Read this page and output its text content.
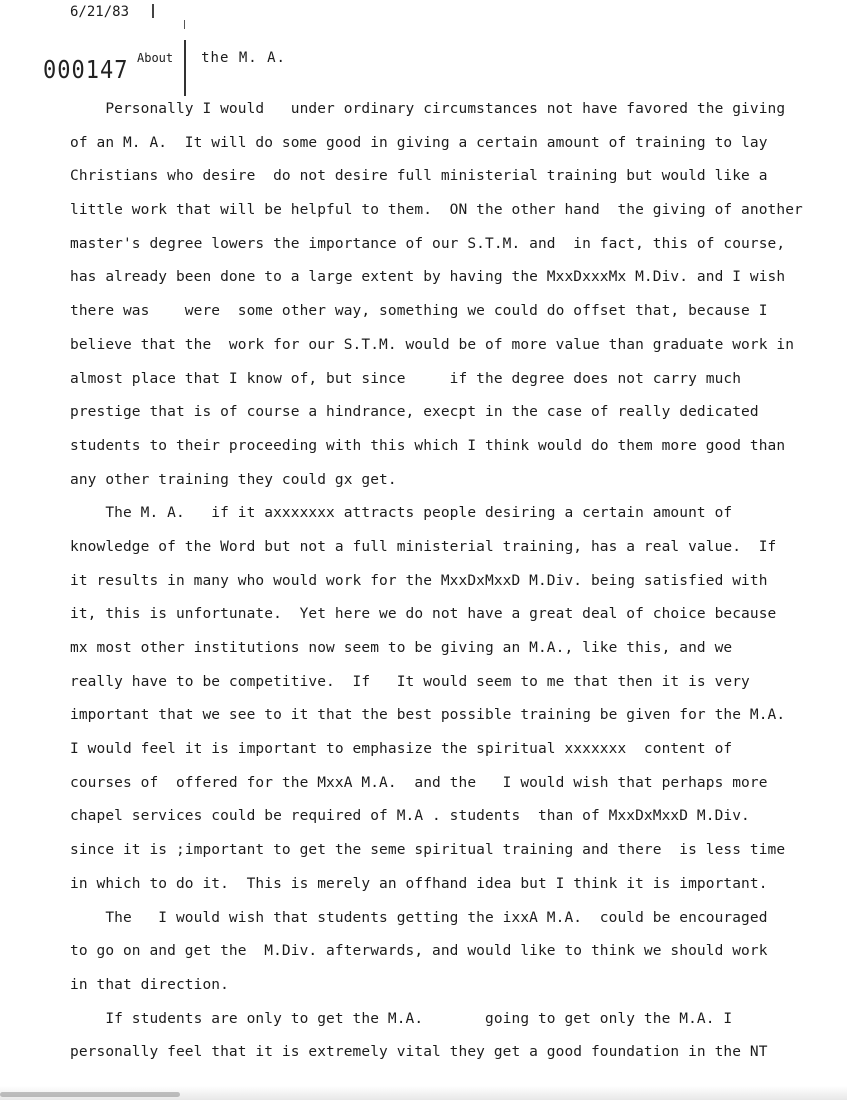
6/21/83
000147 About the M. A.
Personally I would   under ordinary circumstances not have favored the giving
of an M. A.  It will do some good in giving a certain amount of training to lay
Christians who desire  do not desire full ministerial training but would like a
little work that will be helpful to them.  ON the other hand  the giving of another
master's degree lowers the importance of our S.T.M. and  in fact, this of course,
has already been done to a large extent by having the MxxDxxxMx M.Div. and I wish
there was    were  some other way, something we could do offset that, because I
believe that the  work for our S.T.M. would be of more value than graduate work in
almost place that I know of, but since     if the degree does not carry much
prestige that is of course a hindrance, execpt in the case of really dedicated
students to their proceeding with this which I think would do them more good than
any other training they could gx get.
The M. A.   if it axxxxxxx attracts people desiring a certain amount of
knowledge of the Word but not a full ministerial training, has a real value.  If
it results in many who would work for the MxxDxMxxD M.Div. being satisfied with
it, this is unfortunate.  Yet here we do not have a great deal of choice because
mx most other institutions now seem to be giving an M.A., like this, and we
really have to be competitive.  If   It would seem to me that then it is very
important that we see to it that the best possible training be given for the M.A.
I would feel it is important to emphasize the spiritual xxxxxxx  content of
courses of  offered for the MxxA M.A.  and the   I would wish that perhaps more
chapel services could be required of M.A . students  than of MxxDxMxxD M.Div.
since it is ;important to get the seme spiritual training and there  is less time
in which to do it.  This is merely an offhand idea but I think it is important.
The   I would wish that students getting the ixxA M.A.  could be encouraged
to go on and get the  M.Div. afterwards, and would like to think we should work
in that direction.
If students are only to get the M.A.       going to get only the M.A. I
personally feel that it is extremely vital they get a good foundation in the NT
